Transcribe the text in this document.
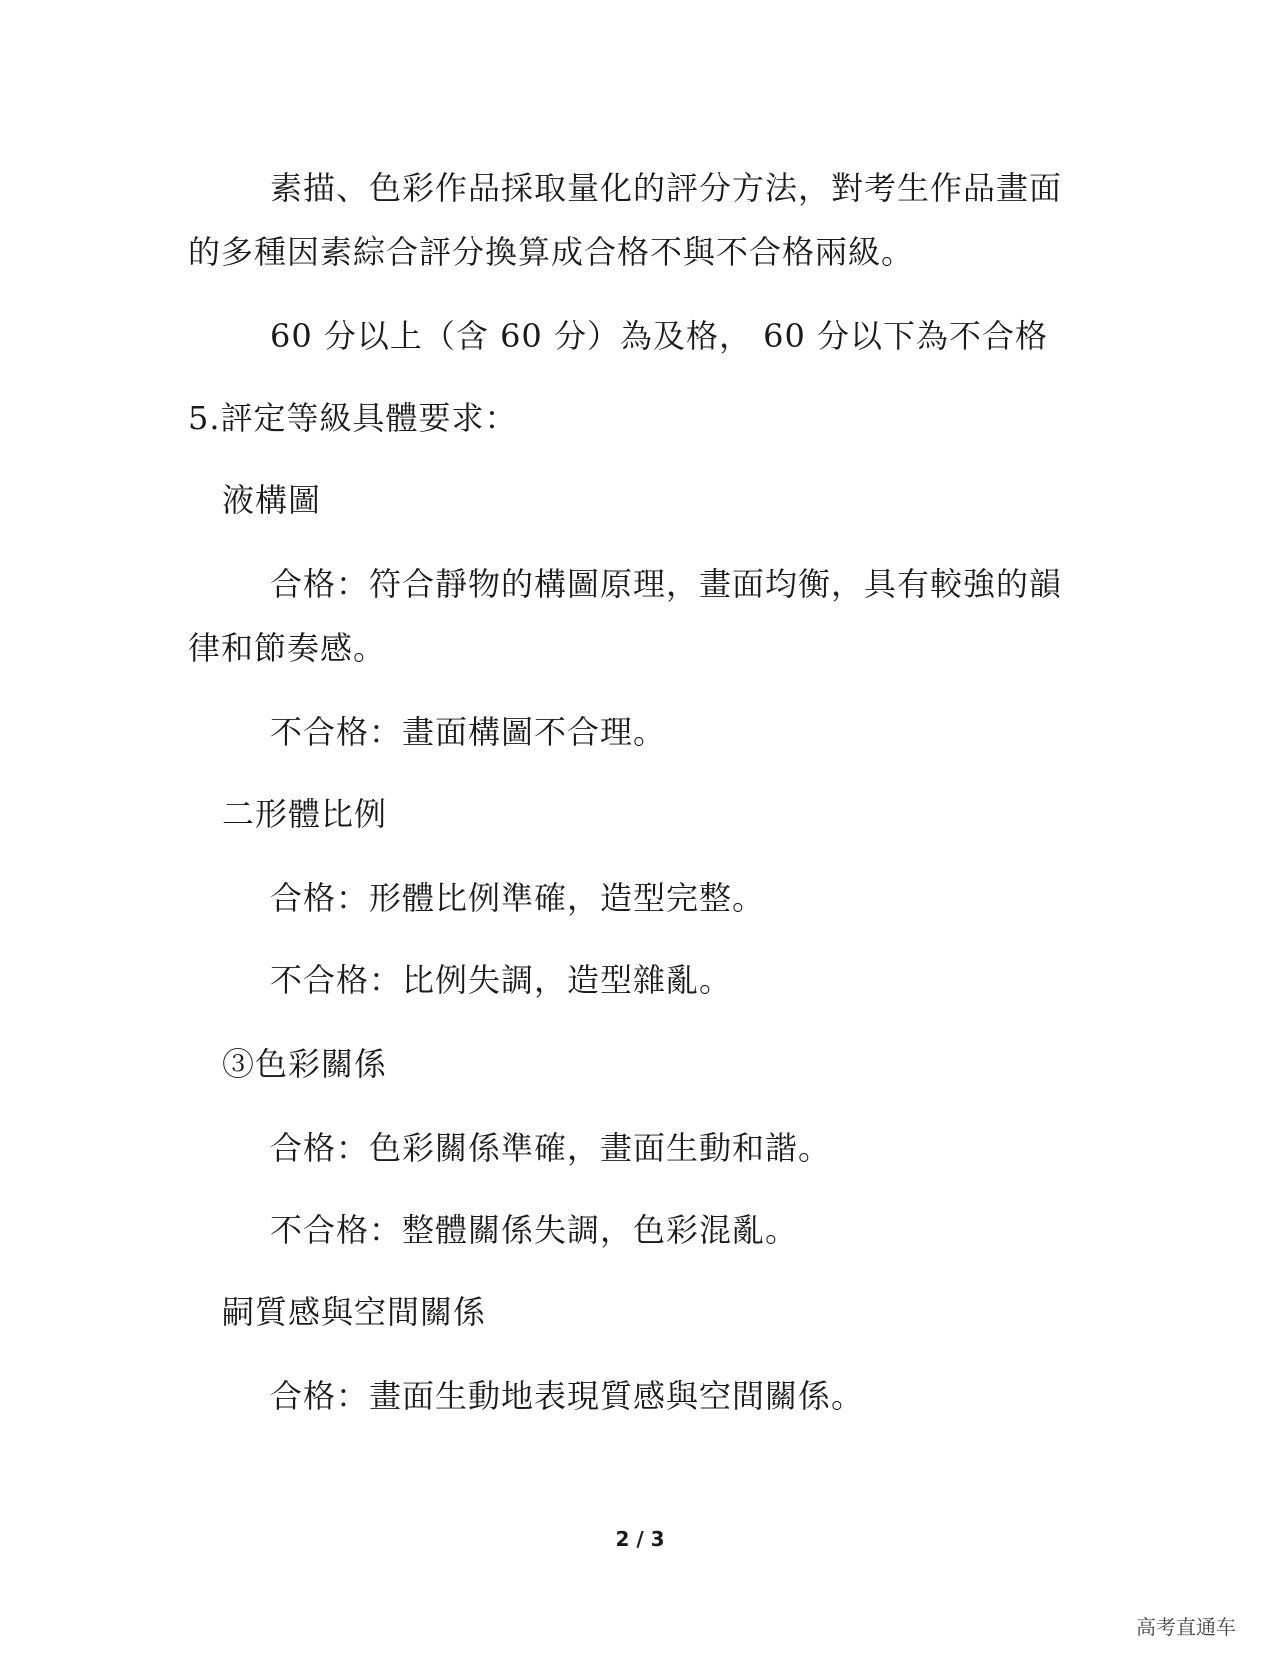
素描、色彩作品採取量化的評分方法，對考生作品畫面
的多種因素綜合評分換算成合格不與不合格兩級。
60 分以上（含 60 分）為及格， 60 分以下為不合格
5.評定等級具體要求：
液構圖
合格：符合靜物的構圖原理，畫面均衡，具有較強的韻
律和節奏感。
不合格：畫面構圖不合理。
二形體比例
合格：形體比例準確，造型完整。
不合格：比例失調，造型雜亂。
③色彩關係
合格：色彩關係準確，畫面生動和諧。
不合格：整體關係失調，色彩混亂。
嗣質感與空間關係
合格：畫面生動地表現質感與空間關係。
2 / 3
高考直通车
